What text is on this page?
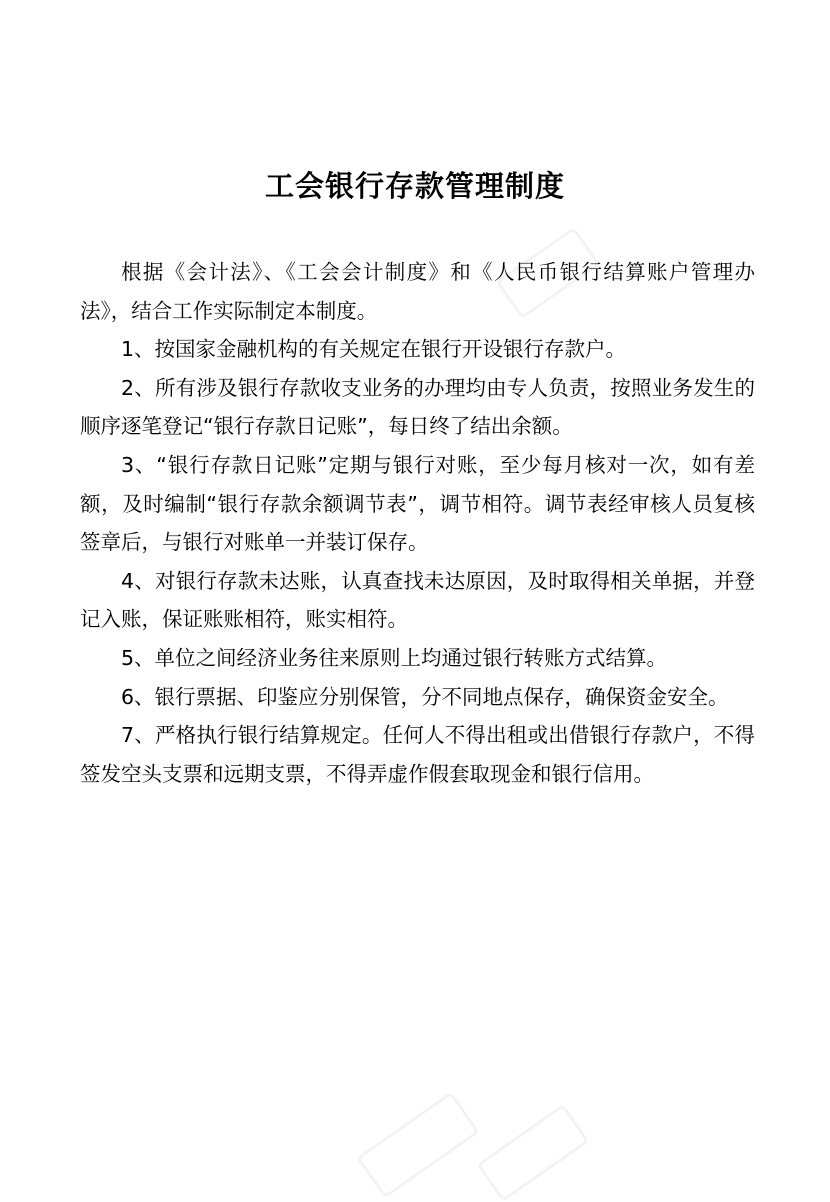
工会银行存款管理制度

根据《会计法》、《工会会计制度》和《人民币银行结算账户管理办法》，结合工作实际制定本制度。

1、按国家金融机构的有关规定在银行开设银行存款户。

2、所有涉及银行存款收支业务的办理均由专人负责，按照业务发生的顺序逐笔登记“银行存款日记账”，每日终了结出余额。

3、“银行存款日记账”定期与银行对账，至少每月核对一次，如有差额，及时编制“银行存款余额调节表”，调节相符。调节表经审核人员复核签章后，与银行对账单一并装订保存。

4、对银行存款未达账，认真查找未达原因，及时取得相关单据，并登记入账，保证账账相符，账实相符。

5、单位之间经济业务往来原则上均通过银行转账方式结算。

6、银行票据、印鉴应分别保管，分不同地点保存，确保资金安全。

7、严格执行银行结算规定。任何人不得出租或出借银行存款户，不得签发空头支票和远期支票，不得弄虚作假套取现金和银行信用。
